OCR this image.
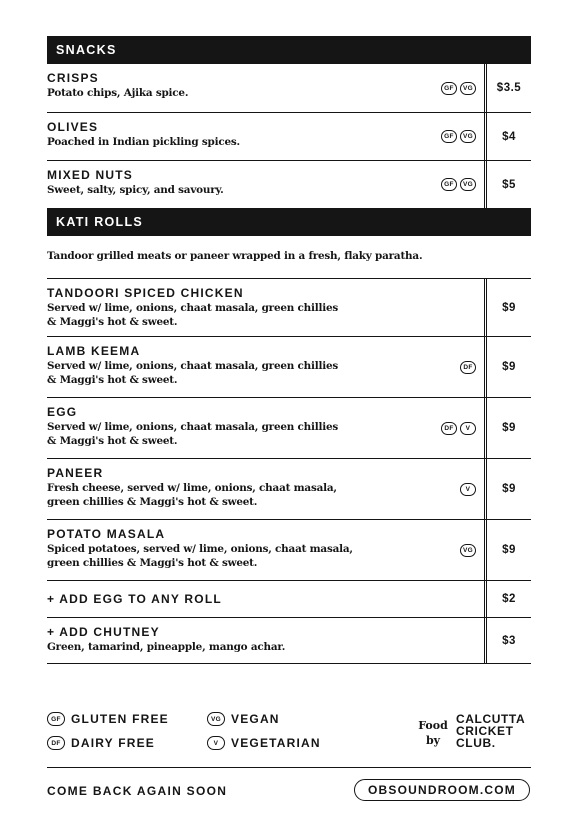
SNACKS
CRISPS
Potato chips, Ajika spice.	GF	VG	$3.5
OLIVES
Poached in Indian pickling spices.	GF	VG	$4
MIXED NUTS
Sweet, salty, spicy, and savoury.	GF	VG	$5
KATI ROLLS
Tandoor grilled meats or paneer wrapped in a fresh, flaky paratha.
TANDOORI SPICED CHICKEN
Served w/ lime, onions, chaat masala, green chillies
& Maggi's hot & sweet.
$9
LAMB KEEMA
Served w/ lime, onions, chaat masala, green chillies
& Maggi's hot & sweet.
DF	$9
EGG
Served w/ lime, onions, chaat masala, green chillies
& Maggi's hot & sweet.
DF	V	$9
PANEER
Fresh cheese, served w/ lime, onions, chaat masala,
green chillies & Maggi's hot & sweet.
V	$9
POTATO MASALA
Spiced potatoes, served w/ lime, onions, chaat masala,
green chillies & Maggi's hot & sweet.
VG	$9
+ ADD EGG TO ANY ROLL	$2
+ ADD CHUTNEY
Green, tamarind, pineapple, mango achar.
$3
GF GLUTEN FREE	VG VEGAN
DF DAIRY FREE	V	VEGETARIAN
Food
by
CALCUTTA
CRICKET
CLUB.
COME BACK AGAIN SOON	OBSOUNDROOM.COM
